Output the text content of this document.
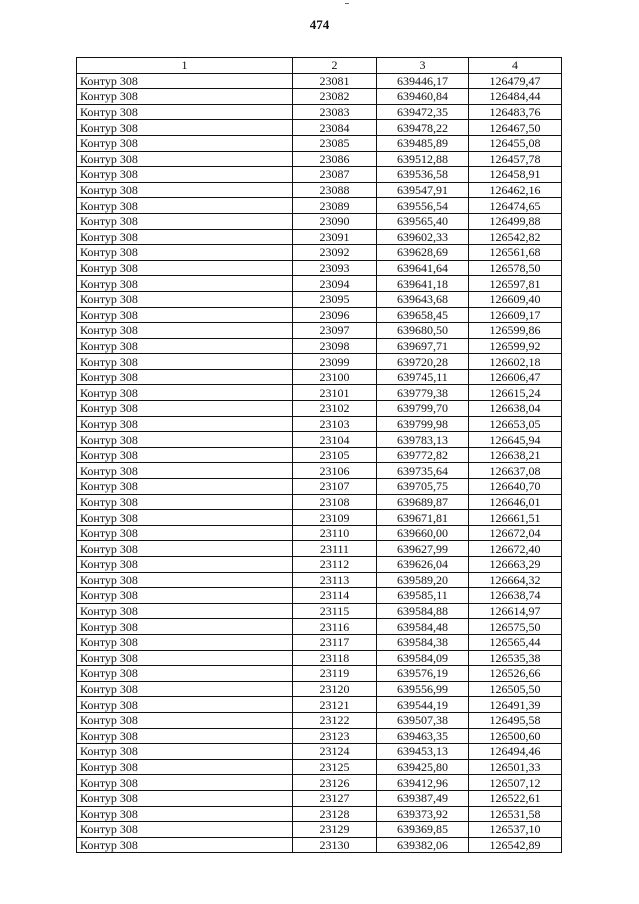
474
1	2	3	4
Контур 308	23081	639446,17	126479,47
Контур 308	23082	639460,84	126484,44
Контур 308	23083	639472,35	126483,76
Контур 308	23084	639478,22	126467,50
Контур 308	23085	639485,89	126455,08
Контур 308	23086	639512,88	126457,78
Контур 308	23087	639536,58	126458,91
Контур 308	23088	639547,91	126462,16
Контур 308	23089	639556,54	126474,65
Контур 308	23090	639565,40	126499,88
Контур 308	23091	639602,33	126542,82
Контур 308	23092	639628,69	126561,68
Контур 308	23093	639641,64	126578,50
Контур 308	23094	639641,18	126597,81
Контур 308	23095	639643,68	126609,40
Контур 308	23096	639658,45	126609,17
Контур 308	23097	639680,50	126599,86
Контур 308	23098	639697,71	126599,92
Контур 308	23099	639720,28	126602,18
Контур 308	23100	639745,11	126606,47
Контур 308	23101	639779,38	126615,24
Контур 308	23102	639799,70	126638,04
Контур 308	23103	639799,98	126653,05
Контур 308	23104	639783,13	126645,94
Контур 308	23105	639772,82	126638,21
Контур 308	23106	639735,64	126637,08
Контур 308	23107	639705,75	126640,70
Контур 308	23108	639689,87	126646,01
Контур 308	23109	639671,81	126661,51
Контур 308	23110	639660,00	126672,04
Контур 308	23111	639627,99	126672,40
Контур 308	23112	639626,04	126663,29
Контур 308	23113	639589,20	126664,32
Контур 308	23114	639585,11	126638,74
Контур 308	23115	639584,88	126614,97
Контур 308	23116	639584,48	126575,50
Контур 308	23117	639584,38	126565,44
Контур 308	23118	639584,09	126535,38
Контур 308	23119	639576,19	126526,66
Контур 308	23120	639556,99	126505,50
Контур 308	23121	639544,19	126491,39
Контур 308	23122	639507,38	126495,58
Контур 308	23123	639463,35	126500,60
Контур 308	23124	639453,13	126494,46
Контур 308	23125	639425,80	126501,33
Контур 308	23126	639412,96	126507,12
Контур 308	23127	639387,49	126522,61
Контур 308	23128	639373,92	126531,58
Контур 308	23129	639369,85	126537,10
Контур 308	23130	639382,06	126542,89
